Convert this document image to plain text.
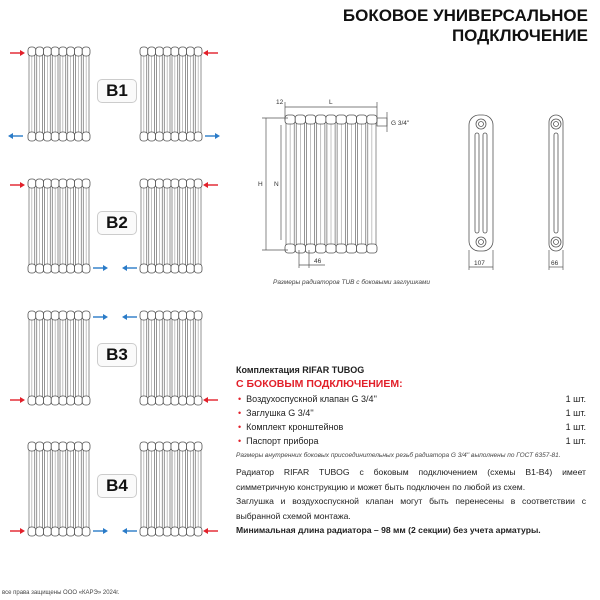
БОКОВОЕ УНИВЕРСАЛЬНОЕ
ПОДКЛЮЧЕНИЕ
B1
B2
B3
B4
12	L
G 3/4''
H N
46	107	66
Размеры радиаторов TUB с боковыми заглушками
Комплектация RIFAR TUBOG
С БОКОВЫМ ПОДКЛЮЧЕНИЕМ:
• Воздухоспускной клапан G 3/4''	1 шт.
• Заглушка G 3/4''	1 шт.
• Комплект кронштейнов	1 шт.
• Паспорт прибора	1 шт.
Размеры внутренних боковых присоединительных резьб радиатора G 3/4'' выполнены по ГОСТ 6357-81.
Радиатор RIFAR TUBOG с боковым подключением (схемы B1-B4) имеет симметричную конструкцию и может быть подключен по любой из схем.
Заглушка и воздухоспускной клапан могут быть перенесены в соответствии с выбранной схемой монтажа.
Минимальная длина радиатора – 98 мм (2 секции) без учета арматуры.
все права защищены ООО «КАРЭ» 2024г.
